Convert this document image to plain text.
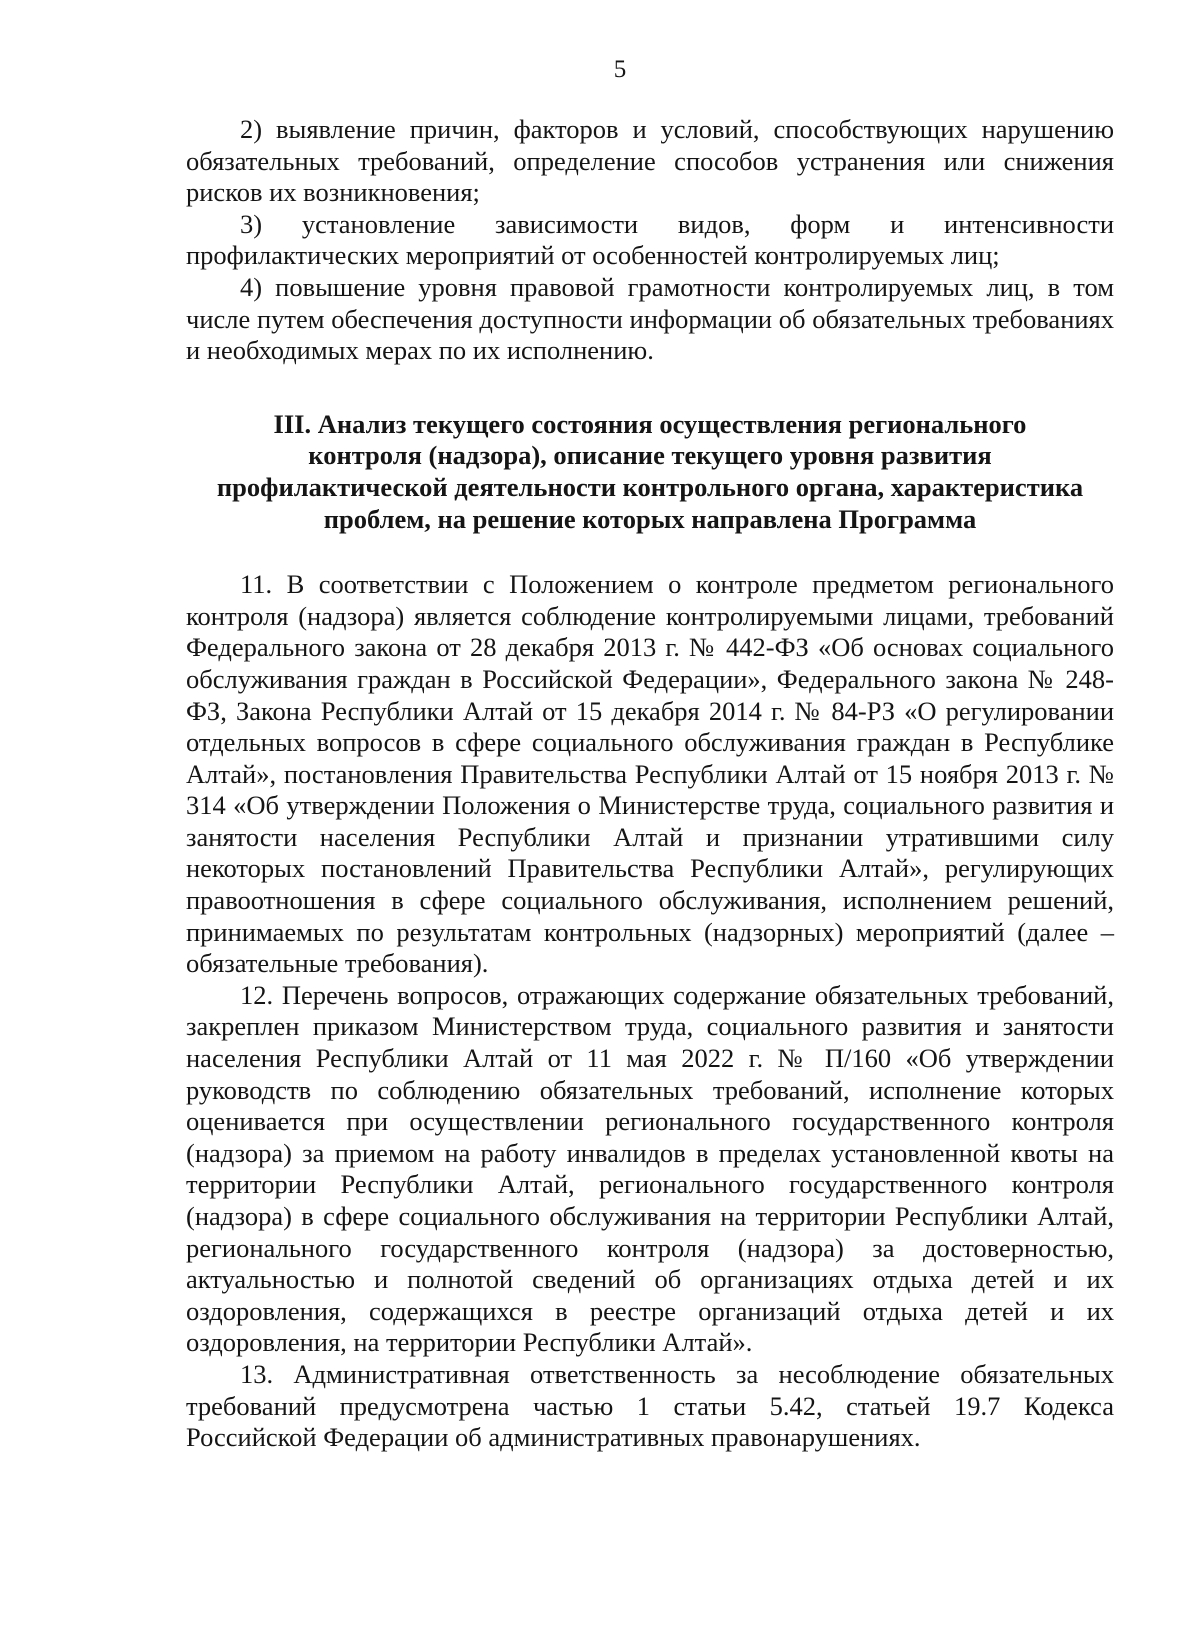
5

2) выявление причин, факторов и условий, способствующих нарушению обязательных требований, определение способов устранения или снижения рисков их возникновения;

3) установление зависимости видов, форм и интенсивности профилактических мероприятий от особенностей контролируемых лиц;

4) повышение уровня правовой грамотности контролируемых лиц, в том числе путем обеспечения доступности информации об обязательных требованиях и необходимых мерах по их исполнению.

III. Анализ текущего состояния осуществления регионального
контроля (надзора), описание текущего уровня развития
профилактической деятельности контрольного органа, характеристика
проблем, на решение которых направлена Программа

11. В соответствии с Положением о контроле предметом регионального контроля (надзора) является соблюдение контролируемыми лицами, требований Федерального закона от 28 декабря 2013 г. № 442-ФЗ «Об основах социального обслуживания граждан в Российской Федерации», Федерального закона № 248-ФЗ, Закона Республики Алтай от 15 декабря 2014 г. № 84-РЗ «О регулировании отдельных вопросов в сфере социального обслуживания граждан в Республике Алтай», постановления Правительства Республики Алтай от 15 ноября 2013 г. № 314 «Об утверждении Положения о Министерстве труда, социального развития и занятости населения Республики Алтай и признании утратившими силу некоторых постановлений Правительства Республики Алтай», регулирующих правоотношения в сфере социального обслуживания, исполнением решений, принимаемых по результатам контрольных (надзорных) мероприятий (далее – обязательные требования).

12. Перечень вопросов, отражающих содержание обязательных требований, закреплен приказом Министерством труда, социального развития и занятости населения Республики Алтай от 11 мая 2022 г. № П/160 «Об утверждении руководств по соблюдению обязательных требований, исполнение которых оценивается при осуществлении регионального государственного контроля (надзора) за приемом на работу инвалидов в пределах установленной квоты на территории Республики Алтай, регионального государственного контроля (надзора) в сфере социального обслуживания на территории Республики Алтай, регионального государственного контроля (надзора) за достоверностью, актуальностью и полнотой сведений об организациях отдыха детей и их оздоровления, содержащихся в реестре организаций отдыха детей и их оздоровления, на территории Республики Алтай».

13. Административная ответственность за несоблюдение обязательных требований предусмотрена частью 1 статьи 5.42, статьей 19.7 Кодекса Российской Федерации об административных правонарушениях.
